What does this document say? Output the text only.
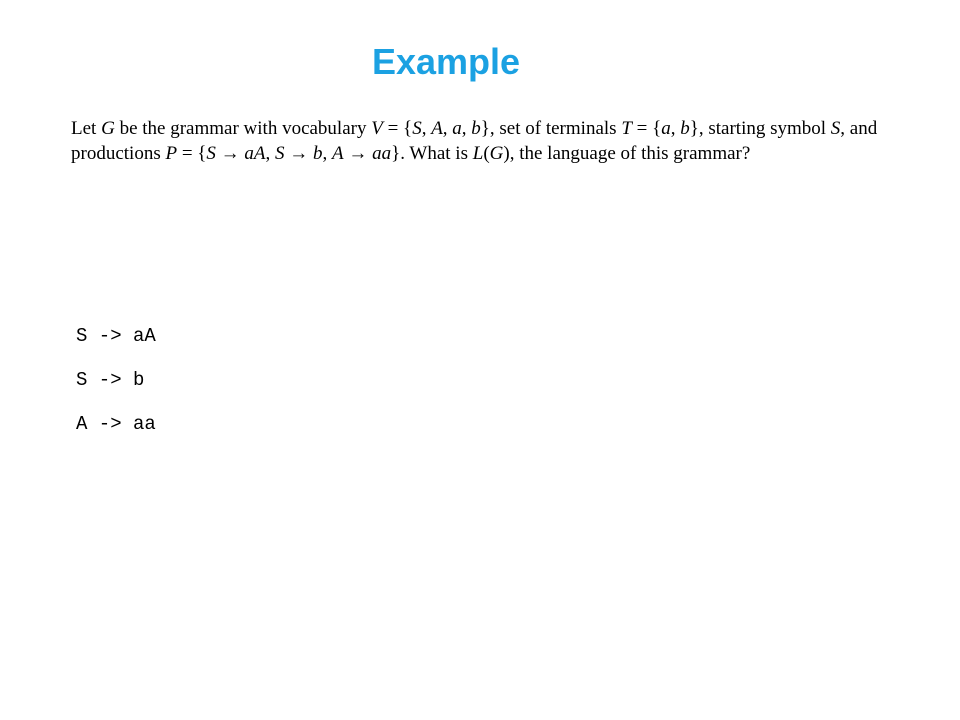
Example

Let G be the grammar with vocabulary V = {S, A, a, b}, set of terminals T = {a, b}, starting symbol S, and productions P = {S → aA, S → b, A → aa}. What is L(G), the language of this grammar?

S -> aA
S -> b
A -> aa
